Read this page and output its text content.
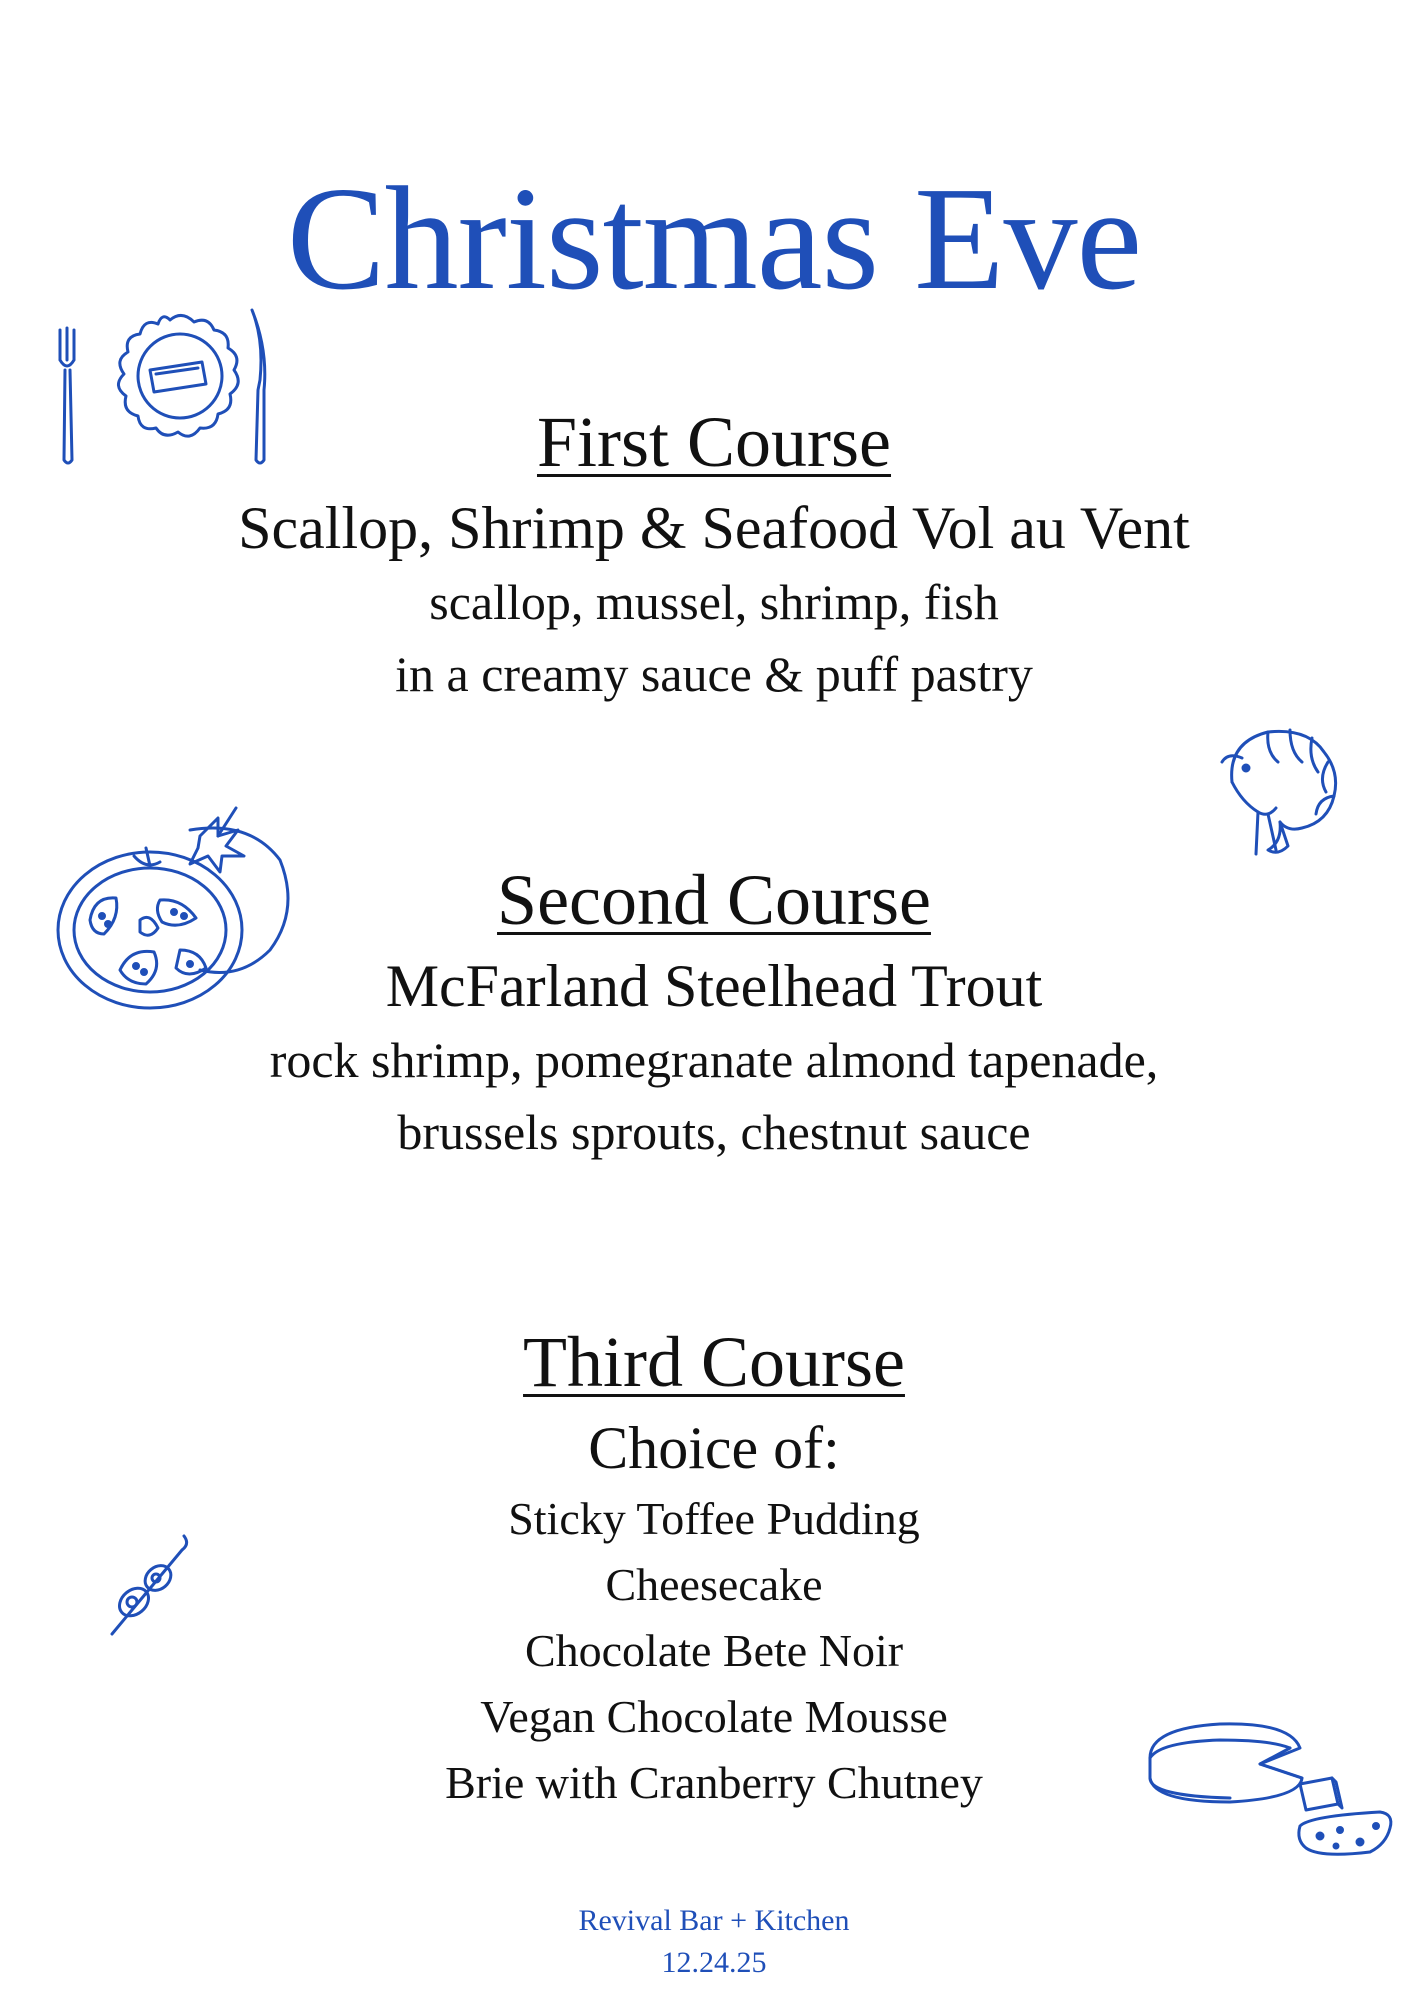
Christmas Eve
First Course

Scallop, Shrimp & Seafood Vol au Vent

scallop, mussel, shrimp, fish

in a creamy sauce & puff pastry

Second Course

McFarland Steelhead Trout

rock shrimp, pomegranate almond tapenade,

brussels sprouts, chestnut sauce

Third Course

Choice of:

Sticky Toffee Pudding

Cheesecake

Chocolate Bete Noir

Vegan Chocolate Mousse

Brie with Cranberry Chutney

Revival Bar + Kitchen
12.24.25
